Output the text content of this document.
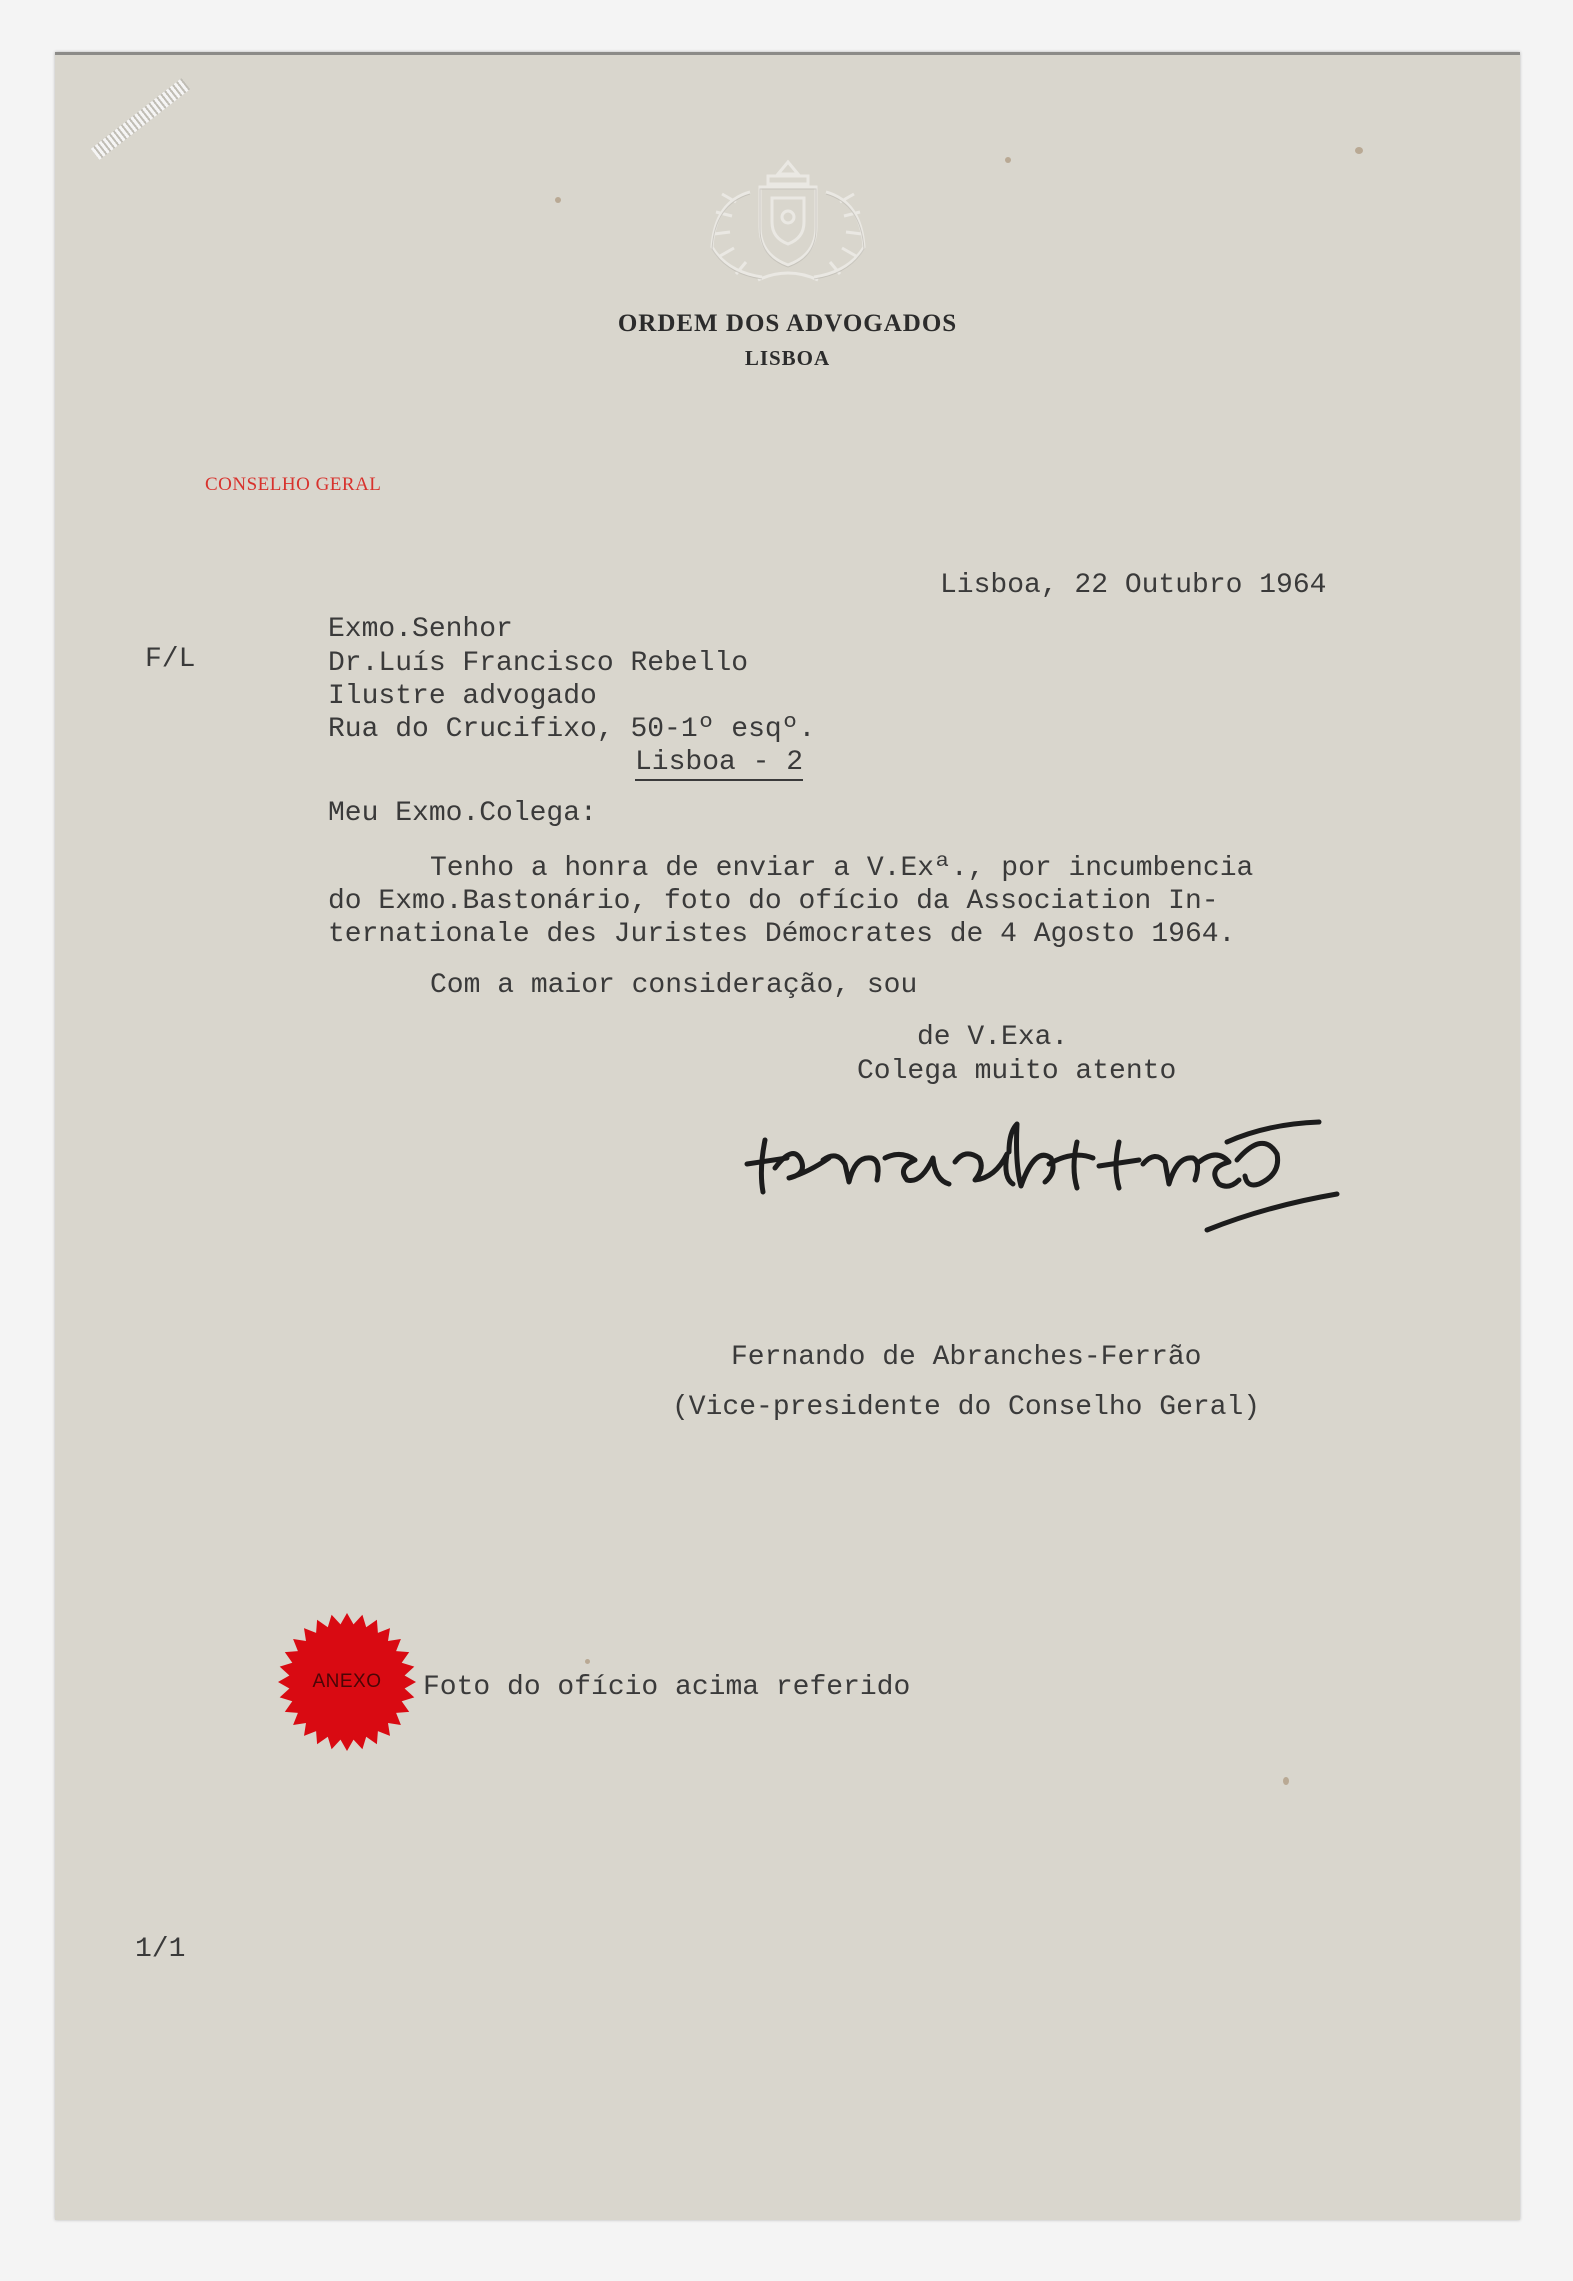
ORDEM DOS ADVOGADOS
LISBOA
CONSELHO GERAL
Lisboa, 22 Outubro 1964
F/L
Exmo.Senhor
Dr.Luís Francisco Rebello
Ilustre advogado
Rua do Crucifixo, 50-1º esqº.
Lisboa - 2
Meu Exmo.Colega:
Tenho a honra de enviar a V.Exª., por incumbencia
do Exmo.Bastonário, foto do ofício da Association In-
ternationale des Juristes Démocrates de 4 Agosto 1964.
Com a maior consideração, sou
de V.Exa.
Colega muito atento
Fernando de Abranches-Ferrão
(Vice-presidente do Conselho Geral)
ANEXO	Foto do ofício acima referido
1/1
